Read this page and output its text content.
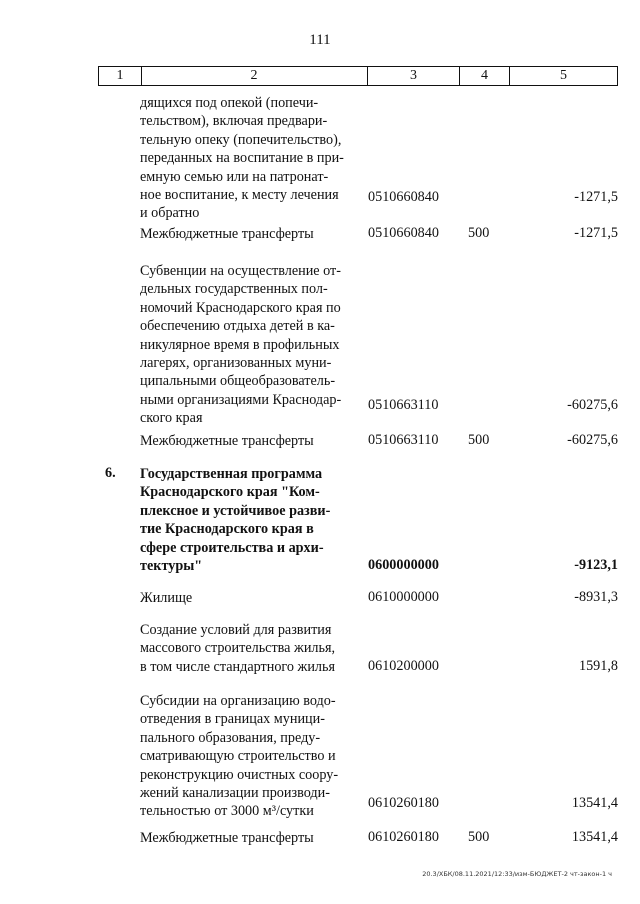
111
1	2	3	4	5
дящихся под опекой (попечи-
тельством), включая предвари-
тельную опеку (попечительство),
переданных на воспитание в при-
емную семью или на патронат-
ное воспитание, к месту лечения
и обратно
0510660840	-1271,5
Межбюджетные трансферты	0510660840 500	-1271,5
Субвенции на осуществление от-
дельных государственных пол-
номочий Краснодарского края по
обеспечению отдыха детей в ка-
никулярное время в профильных
лагерях, организованных муни-
ципальными общеобразователь-
ными организациями Краснодар-
ского края
0510663110	-60275,6
Межбюджетные трансферты	0510663110 500	-60275,6
6. Государственная программа
Краснодарского края "Ком-
плексное и устойчивое разви-
тие Краснодарского края в
сфере строительства и архи-
тектуры"	0600000000	-9123,1
Жилище	0610000000	-8931,3
Создание условий для развития
массового строительства жилья,
в том числе стандартного жилья	0610200000	1591,8
Субсидии на организацию водо-
отведения в границах муници-
пального образования, преду-
сматривающую строительство и
реконструкцию очистных соору-
жений канализации производи-
тельностью от 3000 м³/сутки
0610260180	13541,4
Межбюджетные трансферты	0610260180 500	13541,4
20.3/ХБК/08.11.2021/12:33/изм-БЮДЖЕТ-2 чт-закон-1 ч
